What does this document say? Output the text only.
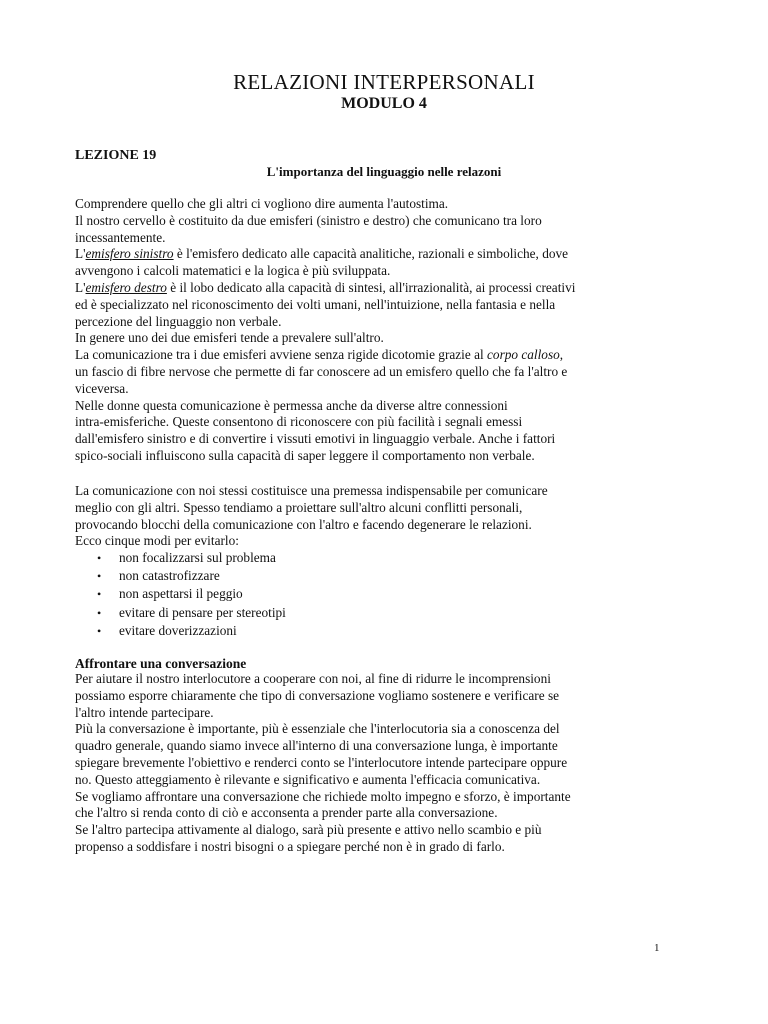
RELAZIONI INTERPERSONALI
MODULO 4
LEZIONE 19
L'importanza del linguaggio nelle relazoni

Comprendere quello che gli altri ci vogliono dire aumenta l'autostima.

Il nostro cervello è costituito da due emisferi (sinistro e destro) che comunicano tra loro

incessantemente.

L'emisfero sinistro è l'emisfero dedicato alle capacità analitiche, razionali e simboliche, dove

avvengono i calcoli matematici e la logica è più sviluppata.

L'emisfero destro è il lobo dedicato alla capacità di sintesi, all'irrazionalità, ai processi creativi

ed è specializzato nel riconoscimento dei volti umani, nell'intuizione, nella fantasia e nella

percezione del linguaggio non verbale.

In genere uno dei due emisferi tende a prevalere sull'altro.

La comunicazione tra i due emisferi avviene senza rigide dicotomie grazie al corpo calloso,

un fascio di fibre nervose che permette di far conoscere ad un emisfero quello che fa l'altro e

viceversa.

Nelle donne questa comunicazione è permessa anche da diverse altre connessioni

intra-emisferiche. Queste consentono di riconoscere con più facilità i segnali emessi

dall'emisfero sinistro e di convertire i vissuti emotivi in linguaggio verbale. Anche i fattori

spico-sociali influiscono sulla capacità di saper leggere il comportamento non verbale.

La comunicazione con noi stessi costituisce una premessa indispensabile per comunicare

meglio con gli altri. Spesso tendiamo a proiettare sull'altro alcuni conflitti personali,

provocando blocchi della comunicazione con l'altro e facendo degenerare le relazioni.

Ecco cinque modi per evitarlo:

• non focalizzarsi sul problema
• non catastrofizzare
• non aspettarsi il peggio
• evitare di pensare per stereotipi
• evitare doverizzazioni
Affrontare una conversazione

Per aiutare il nostro interlocutore a cooperare con noi, al fine di ridurre le incomprensioni

possiamo esporre chiaramente che tipo di conversazione vogliamo sostenere e verificare se

l'altro intende partecipare.

Più la conversazione è importante, più è essenziale che l'interlocutoria sia a conoscenza del

quadro generale, quando siamo invece all'interno di una conversazione lunga, è importante

spiegare brevemente l'obiettivo e renderci conto se l'interlocutore intende partecipare oppure

no. Questo atteggiamento è rilevante e significativo e aumenta l'efficacia comunicativa.

Se vogliamo affrontare una conversazione che richiede molto impegno e sforzo, è importante

che l'altro si renda conto di ciò e acconsenta a prender parte alla conversazione.

Se l'altro partecipa attivamente al dialogo, sarà più presente e attivo nello scambio e più

propenso a soddisfare i nostri bisogni o a spiegare perché non è in grado di farlo.

1
